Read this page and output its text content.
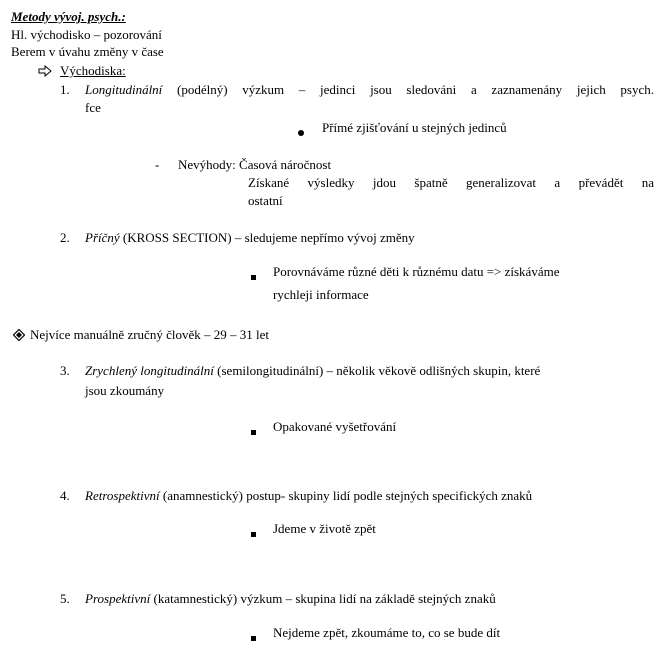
Metody vývoj. psych.:
Hl. východisko – pozorování
Berem v úvahu změny v čase
Východiska:
1. Longitudinální (podélný) výzkum – jedinci jsou sledováni a zaznamenány jejich psych.
fce
Přímé zjišťování u stejných jedinců
- Nevýhody: Časová náročnost
Získané výsledky jdou špatně generalizovat a převádět na
ostatní
2. Příčný (KROSS SECTION) – sledujeme nepřímo vývoj změny
Porovnáváme různé děti k různému datu => získáváme
rychleji informace
Nejvíce manuálně zručný člověk – 29 – 31 let
3. Zrychlený longitudinální (semilongitudinální) – několik věkově odlišných skupin, které
jsou zkoumány
Opakované vyšetřování
4. Retrospektivní (anamnestický) postup- skupiny lidí podle stejných specifických znaků
Jdeme v životě zpět
5. Prospektivní (katamnestický) výzkum – skupina lidí na základě stejných znaků
Nejdeme zpět, zkoumáme to, co se bude dít
